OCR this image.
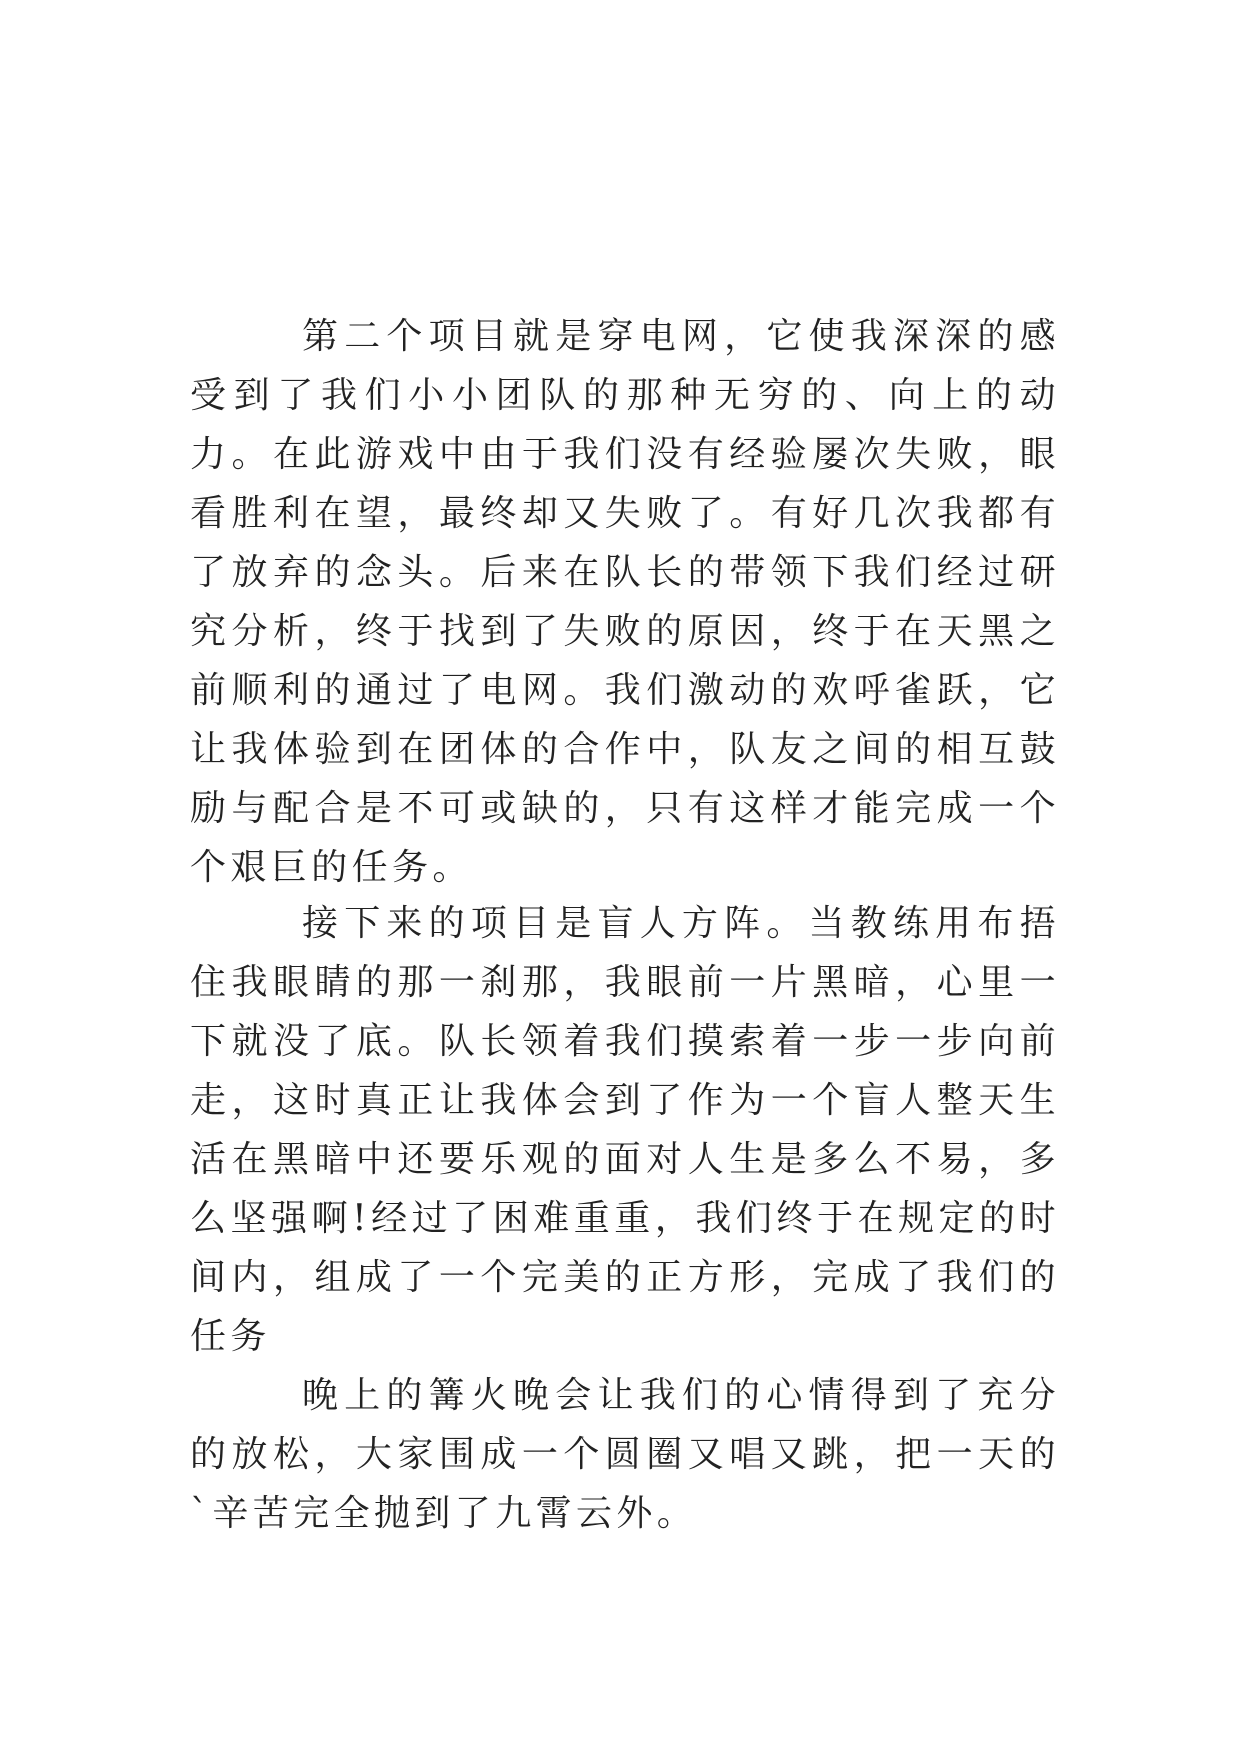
第二个项目就是穿电网，它使我深深的感受到了我们小小团队的那种无穷的、向上的动力。在此游戏中由于我们没有经验屡次失败，眼看胜利在望，最终却又失败了。有好几次我都有了放弃的念头。后来在队长的带领下我们经过研究分析，终于找到了失败的原因，终于在天黑之前顺利的通过了电网。我们激动的欢呼雀跃，它让我体验到在团体的合作中，队友之间的相互鼓励与配合是不可或缺的，只有这样才能完成一个个艰巨的任务。

接下来的项目是盲人方阵。当教练用布捂住我眼睛的那一刹那，我眼前一片黑暗，心里一下就没了底。队长领着我们摸索着一步一步向前走，这时真正让我体会到了作为一个盲人整天生活在黑暗中还要乐观的面对人生是多么不易，多么坚强啊!经过了困难重重，我们终于在规定的时间内，组成了一个完美的正方形，完成了我们的任务

晚上的篝火晚会让我们的心情得到了充分的放松，大家围成一个圆圈又唱又跳，把一天的`辛苦完全抛到了九霄云外。
